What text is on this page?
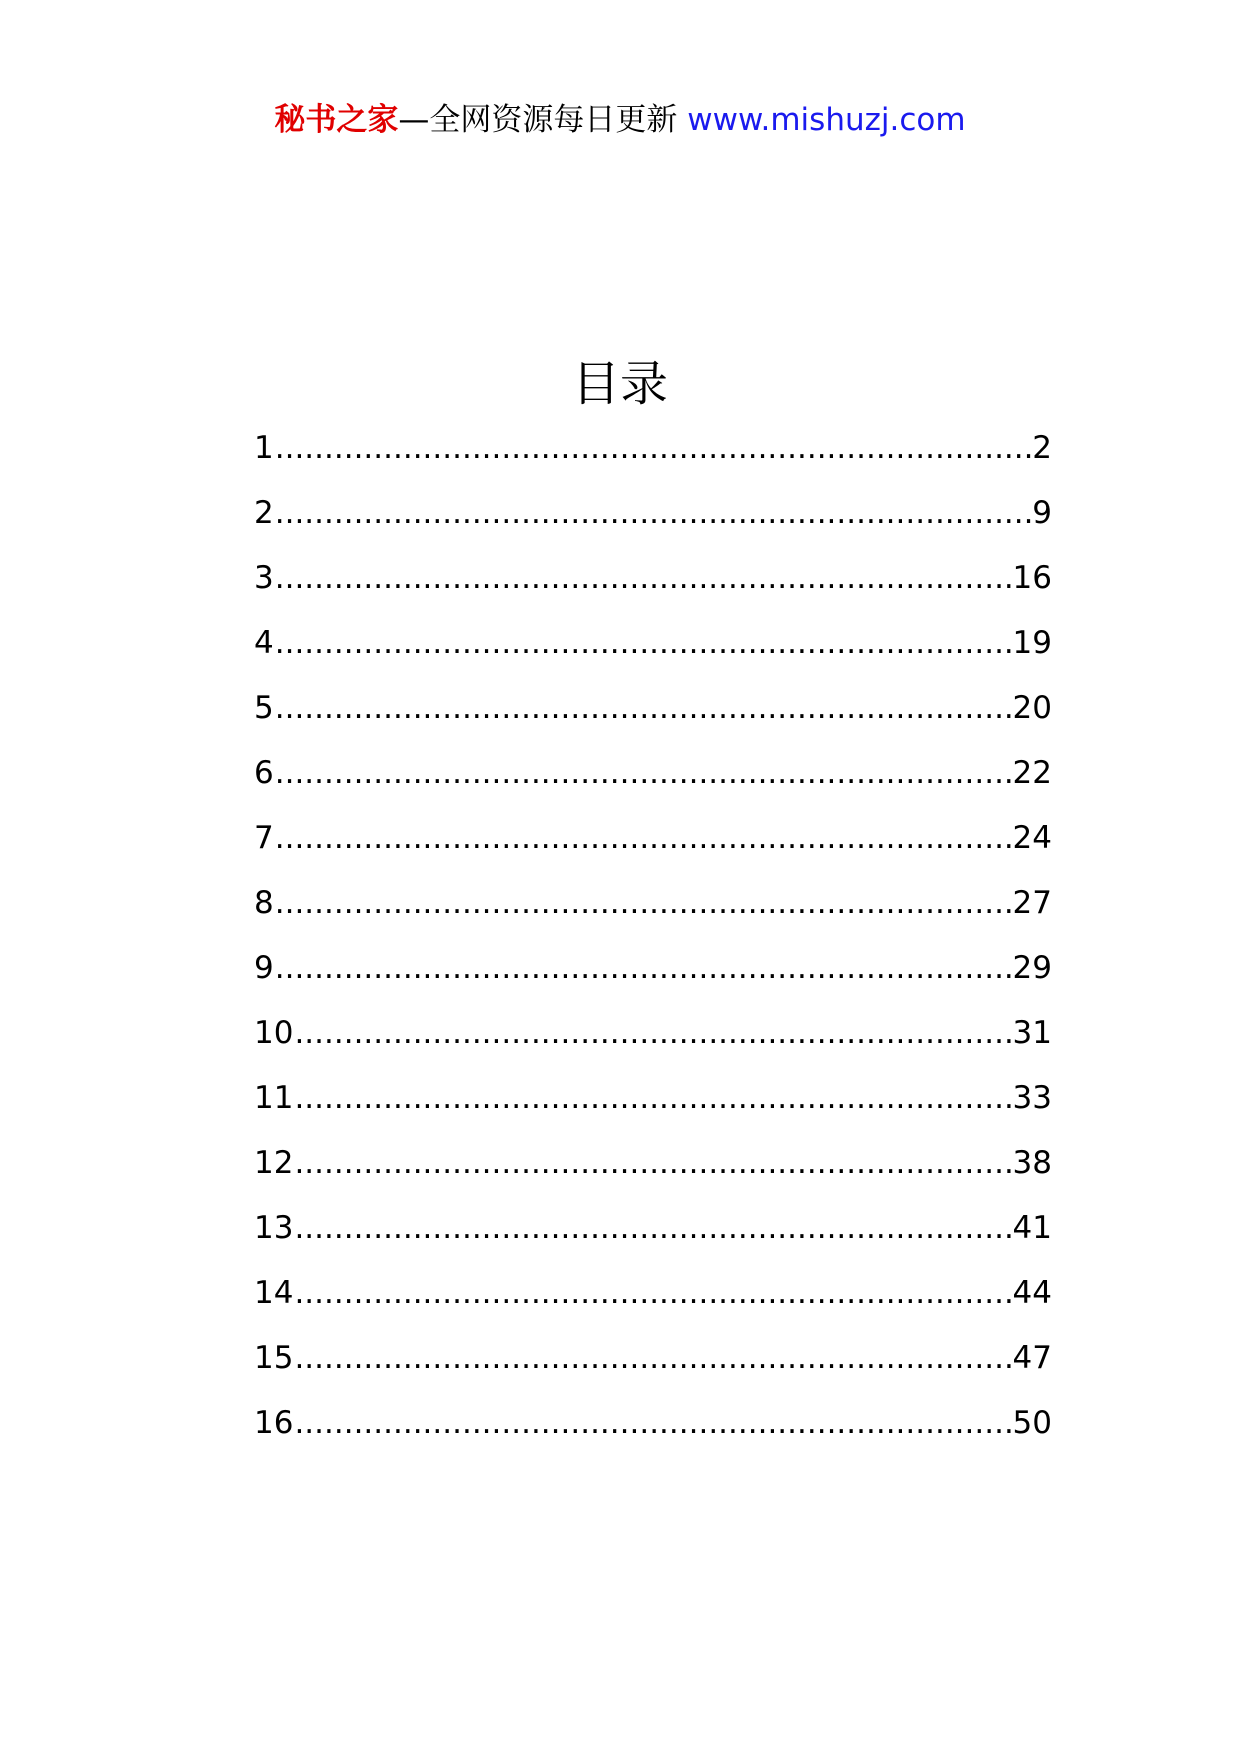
秘书之家—全网资源每日更新 www.mishuzj.com
目录
1 .....	2
2 .....	9
3 .....	16
4 .....	19
5 .....	20
6 .....	22
7 .....	24
8 .....	27
9 .....	29
10 .....	31
11 .....	33
12 .....	38
13 .....	41
14 .....	44
15 .....	47
16 .....	50
